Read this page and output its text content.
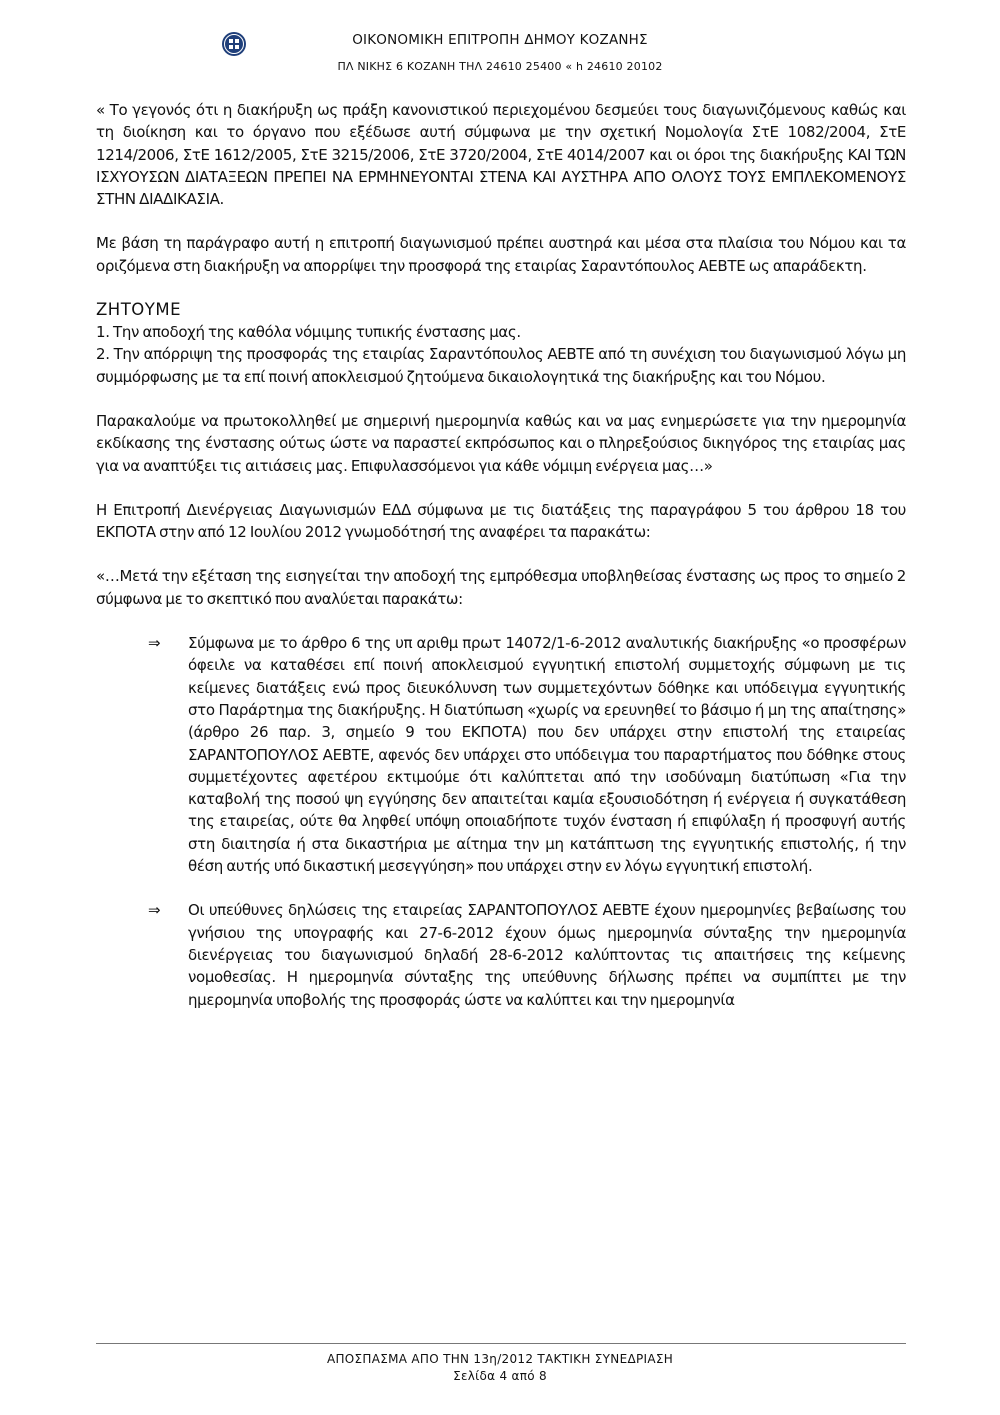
ΟΙΚΟΝΟΜΙΚΗ ΕΠΙΤΡΟΠΗ ΔΗΜΟΥ ΚΟΖΑΝΗΣ
ΠΛ ΝΙΚΗΣ 6 ΚΟΖΑΝΗ ΤΗΛ 24610 25400 « h 24610 20102

« Το γεγονός ότι η διακήρυξη ως πράξη κανονιστικού περιεχομένου δεσμεύει τους διαγωνιζόμενους καθώς και τη διοίκηση και το όργανο που εξέδωσε αυτή σύμφωνα με την σχετική Νομολογία ΣτΕ 1082/2004, ΣτΕ 1214/2006, ΣτΕ 1612/2005, ΣτΕ 3215/2006, ΣτΕ 3720/2004, ΣτΕ 4014/2007 και οι όροι της διακήρυξης ΚΑΙ ΤΩΝ ΙΣΧΥΟΥΣΩΝ ΔΙΑΤΑΞΕΩΝ ΠΡΕΠΕΙ ΝΑ ΕΡΜΗΝΕΥΟΝΤΑΙ ΣΤΕΝΑ ΚΑΙ ΑΥΣΤΗΡΑ ΑΠΟ ΟΛΟΥΣ ΤΟΥΣ ΕΜΠΛΕΚΟΜΕΝΟΥΣ ΣΤΗΝ ΔΙΑΔΙΚΑΣΙΑ.

Με βάση τη παράγραφο αυτή η επιτροπή διαγωνισμού πρέπει αυστηρά και μέσα στα πλαίσια του Νόμου και τα οριζόμενα στη διακήρυξη να απορρίψει την προσφορά της εταιρίας Σαραντόπουλος ΑΕΒΤΕ ως απαράδεκτη.

ΖΗΤΟΥΜΕ

1. Την αποδοχή της καθόλα νόμιμης τυπικής ένστασης μας.

2. Την απόρριψη της προσφοράς της εταιρίας Σαραντόπουλος ΑΕΒΤΕ από τη συνέχιση του διαγωνισμού λόγω μη συμμόρφωσης με τα επί ποινή αποκλεισμού ζητούμενα δικαιολογητικά της διακήρυξης και του Νόμου.

Παρακαλούμε να πρωτοκολληθεί με σημερινή ημερομηνία καθώς και να μας ενημερώσετε για την ημερομηνία εκδίκασης της ένστασης ούτως ώστε να παραστεί εκπρόσωπος και ο πληρεξούσιος δικηγόρος της εταιρίας μας για να αναπτύξει τις αιτιάσεις μας. Επιφυλασσόμενοι για κάθε νόμιμη ενέργεια μας…»

Η Επιτροπή Διενέργειας Διαγωνισμών ΕΔΔ σύμφωνα με τις διατάξεις της παραγράφου 5 του άρθρου 18 του ΕΚΠΟΤΑ στην από 12 Ιουλίου 2012 γνωμοδότησή της αναφέρει τα παρακάτω:

«…Μετά την εξέταση της εισηγείται την αποδοχή της εμπρόθεσμα υποβληθείσας ένστασης ως προς το σημείο 2 σύμφωνα με το σκεπτικό που αναλύεται παρακάτω:

⇒ Σύμφωνα με το άρθρο 6 της υπ αριθμ πρωτ 14072/1-6-2012 αναλυτικής διακήρυξης «ο προσφέρων όφειλε να καταθέσει επί ποινή αποκλεισμού εγγυητική επιστολή συμμετοχής σύμφωνη με τις κείμενες διατάξεις ενώ προς διευκόλυνση των συμμετεχόντων δόθηκε και υπόδειγμα εγγυητικής στο Παράρτημα της διακήρυξης. Η διατύπωση «χωρίς να ερευνηθεί το βάσιμο ή μη της απαίτησης» (άρθρο 26 παρ. 3, σημείο 9 του ΕΚΠΟΤΑ) που δεν υπάρχει στην επιστολή της εταιρείας ΣΑΡΑΝΤΟΠΟΥΛΟΣ ΑΕΒΤΕ, αφενός δεν υπάρχει στο υπόδειγμα του παραρτήματος που δόθηκε στους συμμετέχοντες αφετέρου εκτιμούμε ότι καλύπτεται από την ισοδύναμη διατύπωση «Για την καταβολή της ποσού ψη εγγύησης δεν απαιτείται καμία εξουσιοδότηση ή ενέργεια ή συγκατάθεση της εταιρείας, ούτε θα ληφθεί υπόψη οποιαδήποτε τυχόν ένσταση ή επιφύλαξη ή προσφυγή αυτής στη διαιτησία ή στα δικαστήρια με αίτημα την μη κατάπτωση της εγγυητικής επιστολής, ή την θέση αυτής υπό δικαστική μεσεγγύηση» που υπάρχει στην εν λόγω εγγυητική επιστολή.

⇒ Οι υπεύθυνες δηλώσεις της εταιρείας ΣΑΡΑΝΤΟΠΟΥΛΟΣ ΑΕΒΤΕ έχουν ημερομηνίες βεβαίωσης του γνήσιου της υπογραφής και 27-6-2012 έχουν όμως ημερομηνία σύνταξης την ημερομηνία διενέργειας του διαγωνισμού δηλαδή 28-6-2012 καλύπτοντας τις απαιτήσεις της κείμενης νομοθεσίας. Η ημερομηνία σύνταξης της υπεύθυνης δήλωσης πρέπει να συμπίπτει με την ημερομηνία υποβολής της προσφοράς ώστε να καλύπτει και την ημερομηνία

ΑΠΟΣΠΑΣΜΑ ΑΠΟ ΤΗΝ 13η/2012 ΤΑΚΤΙΚΗ ΣΥΝΕΔΡΙΑΣΗ
Σελίδα 4 από 8
